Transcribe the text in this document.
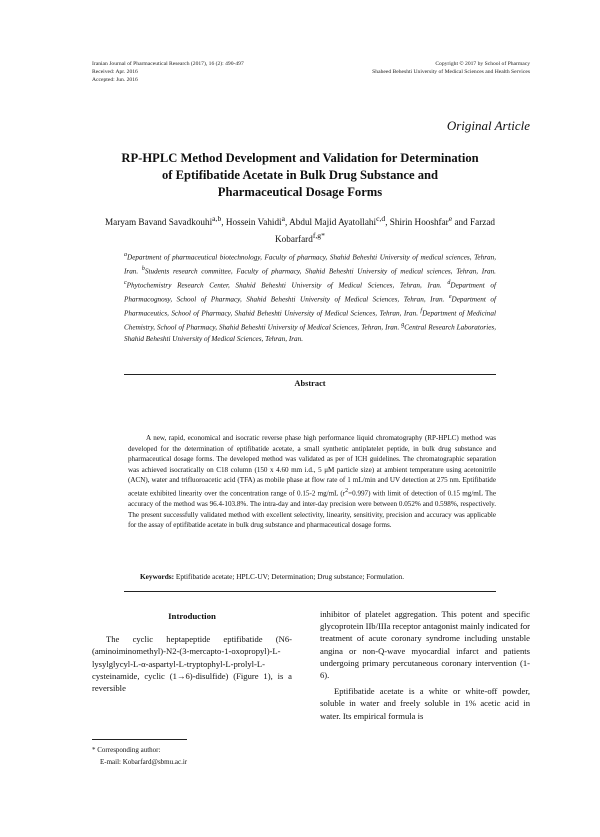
Iranian Journal of Pharmaceutical Research (2017), 16 (2): 490-497
Received: Apr. 2016
Accepted: Jun. 2016
Copyright © 2017 by School of Pharmacy
Shaheed Beheshti University of Medical Sciences and Health Services
Original Article
RP-HPLC Method Development and Validation for Determination of Eptifibatide Acetate in Bulk Drug Substance and Pharmaceutical Dosage Forms
Maryam Bavand Savadkouhi$^{a,b}$, Hossein Vahidi$^a$, Abdul Majid Ayatollahi$^{c,d}$, Shirin Hooshfar$^e$ and Farzad Kobarfard$^{f,g*}$
$^a$Department of pharmaceutical biotechnology, Faculty of pharmacy, Shahid Beheshti University of medical sciences, Tehran, Iran. $^b$Students research committee, Faculty of pharmacy, Shahid Beheshti University of medical sciences, Tehran, Iran. $^c$Phytochemistry Research Center, Shahid Beheshti University of Medical Sciences, Tehran, Iran. $^d$Department of Pharmacognosy, School of Pharmacy, Shahid Beheshti University of Medical Sciences, Tehran, Iran. $^e$Department of Pharmaceutics, School of Pharmacy, Shahid Beheshti University of Medical Sciences, Tehran, Iran. $^f$Department of Medicinal Chemistry, School of Pharmacy, Shahid Beheshti University of Medical Sciences, Tehran, Iran. $^g$Central Research Laboratories, Shahid Beheshti University of Medical Sciences, Tehran, Iran.
Abstract
A new, rapid, economical and isocratic reverse phase high performance liquid chromatography (RP-HPLC) method was developed for the determination of eptifibatide acetate, a small synthetic antiplatelet peptide, in bulk drug substance and pharmaceutical dosage forms. The developed method was validated as per of ICH guidelines. The chromatographic separation was achieved isocratically on C18 column (150 x 4.60 mm i.d., 5 μM particle size) at ambient temperature using acetonitrile (ACN), water and trifluoroacetic acid (TFA) as mobile phase at flow rate of 1 mL/min and UV detection at 275 nm. Eptifibatide acetate exhibited linearity over the concentration range of 0.15-2 mg/mL $(r^2=0.997)$ with limit of detection of 0.15 mg/mL The accuracy of the method was 96.4-103.8%. The intra-day and inter-day precision were between 0.052% and 0.598%, respectively. The present successfully validated method with excellent selectivity, linearity, sensitivity, precision and accuracy was applicable for the assay of eptifibatide acetate in bulk drug substance and pharmaceutical dosage forms.
Keywords: Eptifibatide acetate; HPLC-UV; Determination; Drug substance; Formulation.
Introduction

The cyclic heptapeptide eptifibatide (N6-(aminoiminomethyl)-N2-(3-mercapto-1-oxopropyl)-L-lysylglycyl-L-α-aspartyl-L-tryptophyl-L-prolyl-L-cysteinamide, cyclic (1→6)-disulfide) (Figure 1), is a reversible

inhibitor of platelet aggregation. This potent and specific glycoprotein IIb/IIIa receptor antagonist mainly indicated for treatment of acute coronary syndrome including unstable angina or non-Q-wave myocardial infarct and patients undergoing primary percutaneous coronary intervention (1-6).

Eptifibatide acetate is a white or white-off powder, soluble in water and freely soluble in 1% acetic acid in water. Its empirical formula is

* Corresponding author:
E-mail: Kobarfard@sbmu.ac.ir
